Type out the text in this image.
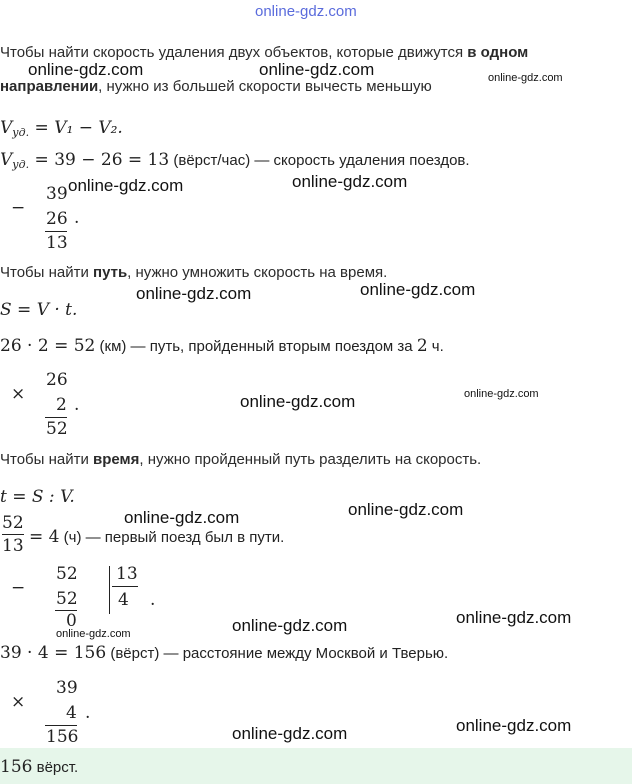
online-gdz.com
Чтобы найти скорость удаления двух объектов, которые движутся в одном
направлении, нужно из большей скорости вычесть меньшую
$V_{уд.} = V_1 - V_2$.
$V_{уд.} = 39 - 26 = 13$ (вёрст/час) — скорость удаления поездов.
−
39
26
13
.
Чтобы найти путь, нужно умножить скорость на время.
S = V · t.
26 · 2 = 52 (км) — путь, пройденный вторым поездом за 2 ч.
×
26
2
52
.
Чтобы найти время, нужно пройденный путь разделить на скорость.
t = S : V.
52
13 = 4 (ч) — первый поезд был в пути.
−
52
52
0
13
4 .
39 · 4 = 156 (вёрст) — расстояние между Москвой и Тверью.
×
39
4
156
.
156 вёрст.
online-gdz.com	online-gdz.com	online-gdz.com
online-gdz.com	online-gdz.com
online-gdz.com	online-gdz.com
online-gdz.com	online-gdz.com
online-gdz.com	online-gdz.com
online-gdz.com
online-gdz.com
online-gdz.com
online-gdz.com
online-gdz.com
